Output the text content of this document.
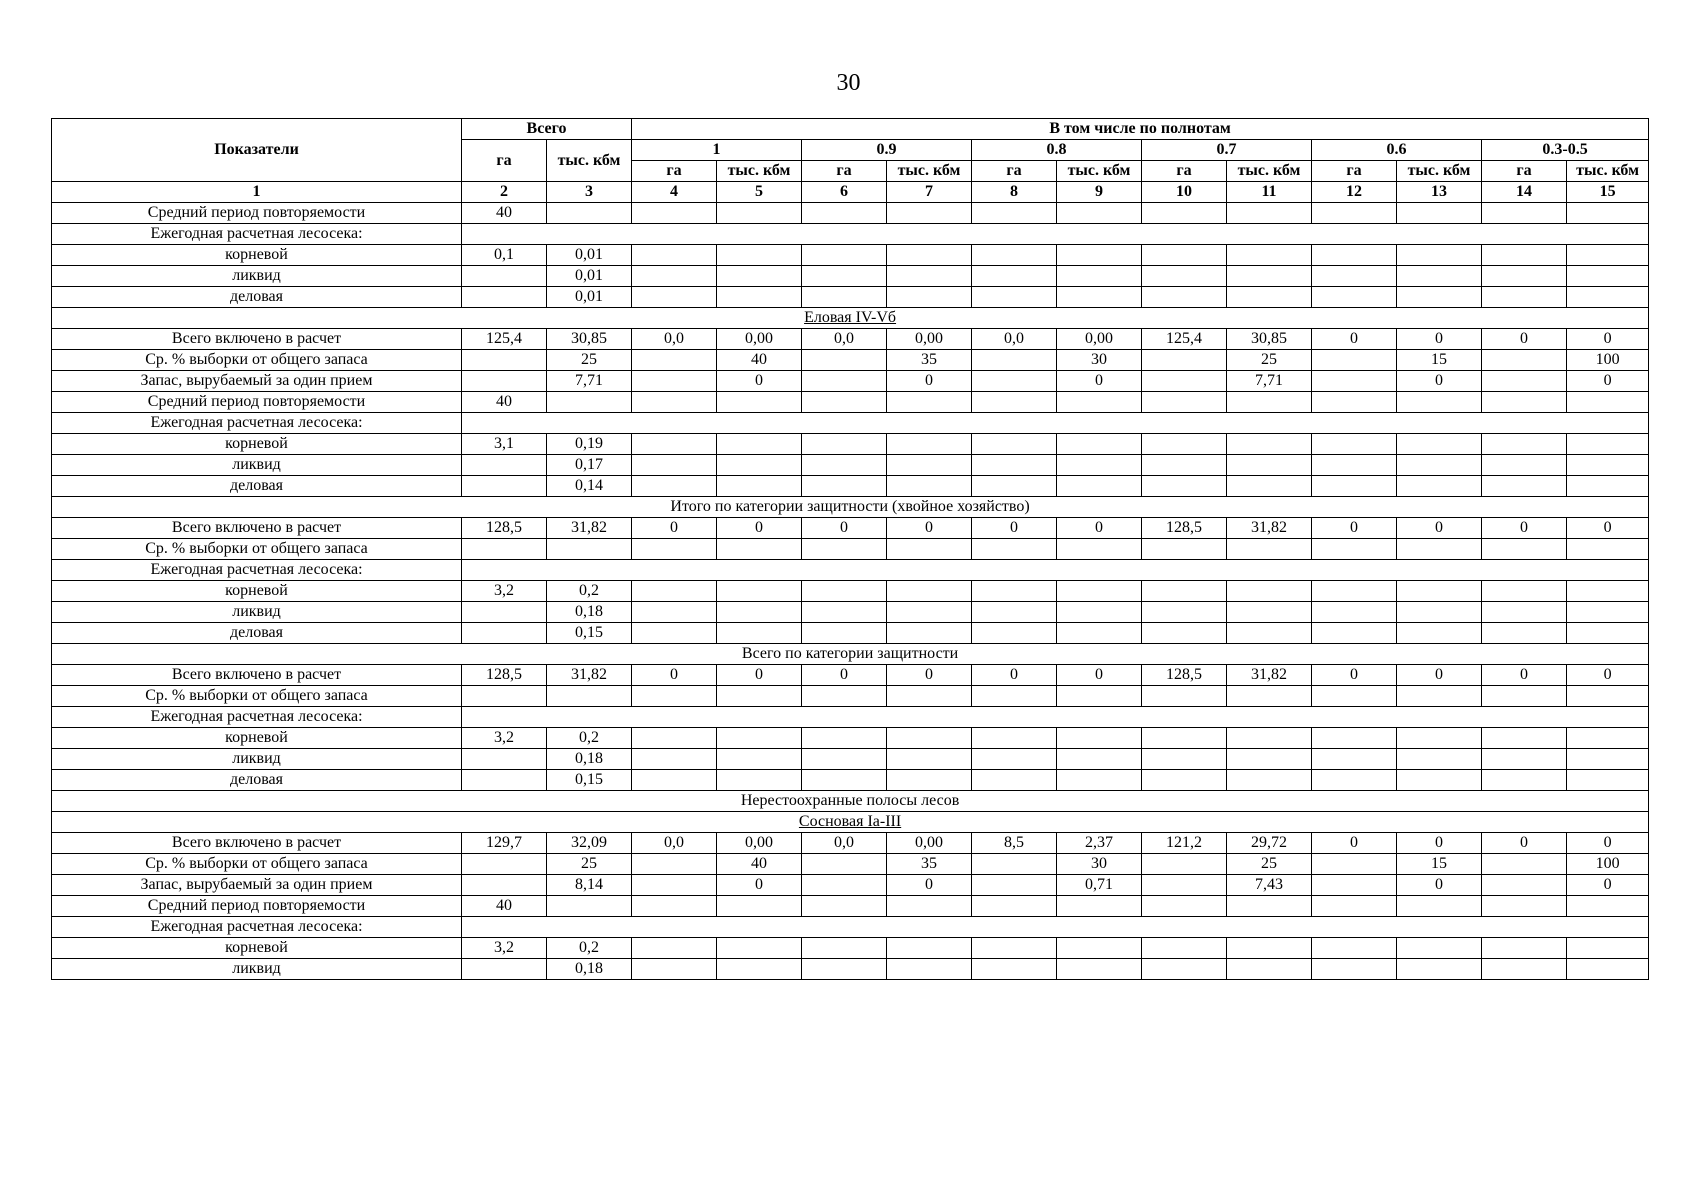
30
Показатели	Всего		В том числе по полнотам											
	га	тыс. кбм	1		0.9		0.8		0.7		0.6		0.3-0.5	
			га	тыс. кбм	га	тыс. кбм	га	тыс. кбм	га	тыс. кбм	га	тыс. кбм	га	тыс. кбм
1	2	3	4	5	6	7	8	9	10	11	12	13	14	15
Средний период повторяемости	40													
Ежегодная расчетная лесосека:														
корневой	0,1	0,01												
ликвид		0,01												
деловая		0,01												
Еловая IV-Vб														
Всего включено в расчет	125,4	30,85	0,0	0,00	0,0	0,00	0,0	0,00	125,4	30,85	0	0	0	0
Ср. % выборки от общего запаса		25		40		35		30		25		15		100
Запас, вырубаемый за один прием		7,71		0		0		0		7,71		0		0
Средний период повторяемости	40													
Ежегодная расчетная лесосека:														
корневой	3,1	0,19												
ликвид		0,17												
деловая		0,14												
Итого по категории защитности (хвойное хозяйство)														
Всего включено в расчет	128,5	31,82	0	0	0	0	0	0	128,5	31,82	0	0	0	0
Ср. % выборки от общего запаса														
Ежегодная расчетная лесосека:														
корневой	3,2	0,2												
ликвид		0,18												
деловая		0,15												
Всего по категории защитности														
Всего включено в расчет	128,5	31,82	0	0	0	0	0	0	128,5	31,82	0	0	0	0
Ср. % выборки от общего запаса														
Ежегодная расчетная лесосека:														
корневой	3,2	0,2												
ликвид		0,18												
деловая		0,15												
Нерестоохранные полосы лесов														
Сосновая Ia-III														
Всего включено в расчет	129,7	32,09	0,0	0,00	0,0	0,00	8,5	2,37	121,2	29,72	0	0	0	0
Ср. % выборки от общего запаса		25		40		35		30		25		15		100
Запас, вырубаемый за один прием		8,14		0		0		0,71		7,43		0		0
Средний период повторяемости	40													
Ежегодная расчетная лесосека:														
корневой	3,2	0,2												
ликвид		0,18												
